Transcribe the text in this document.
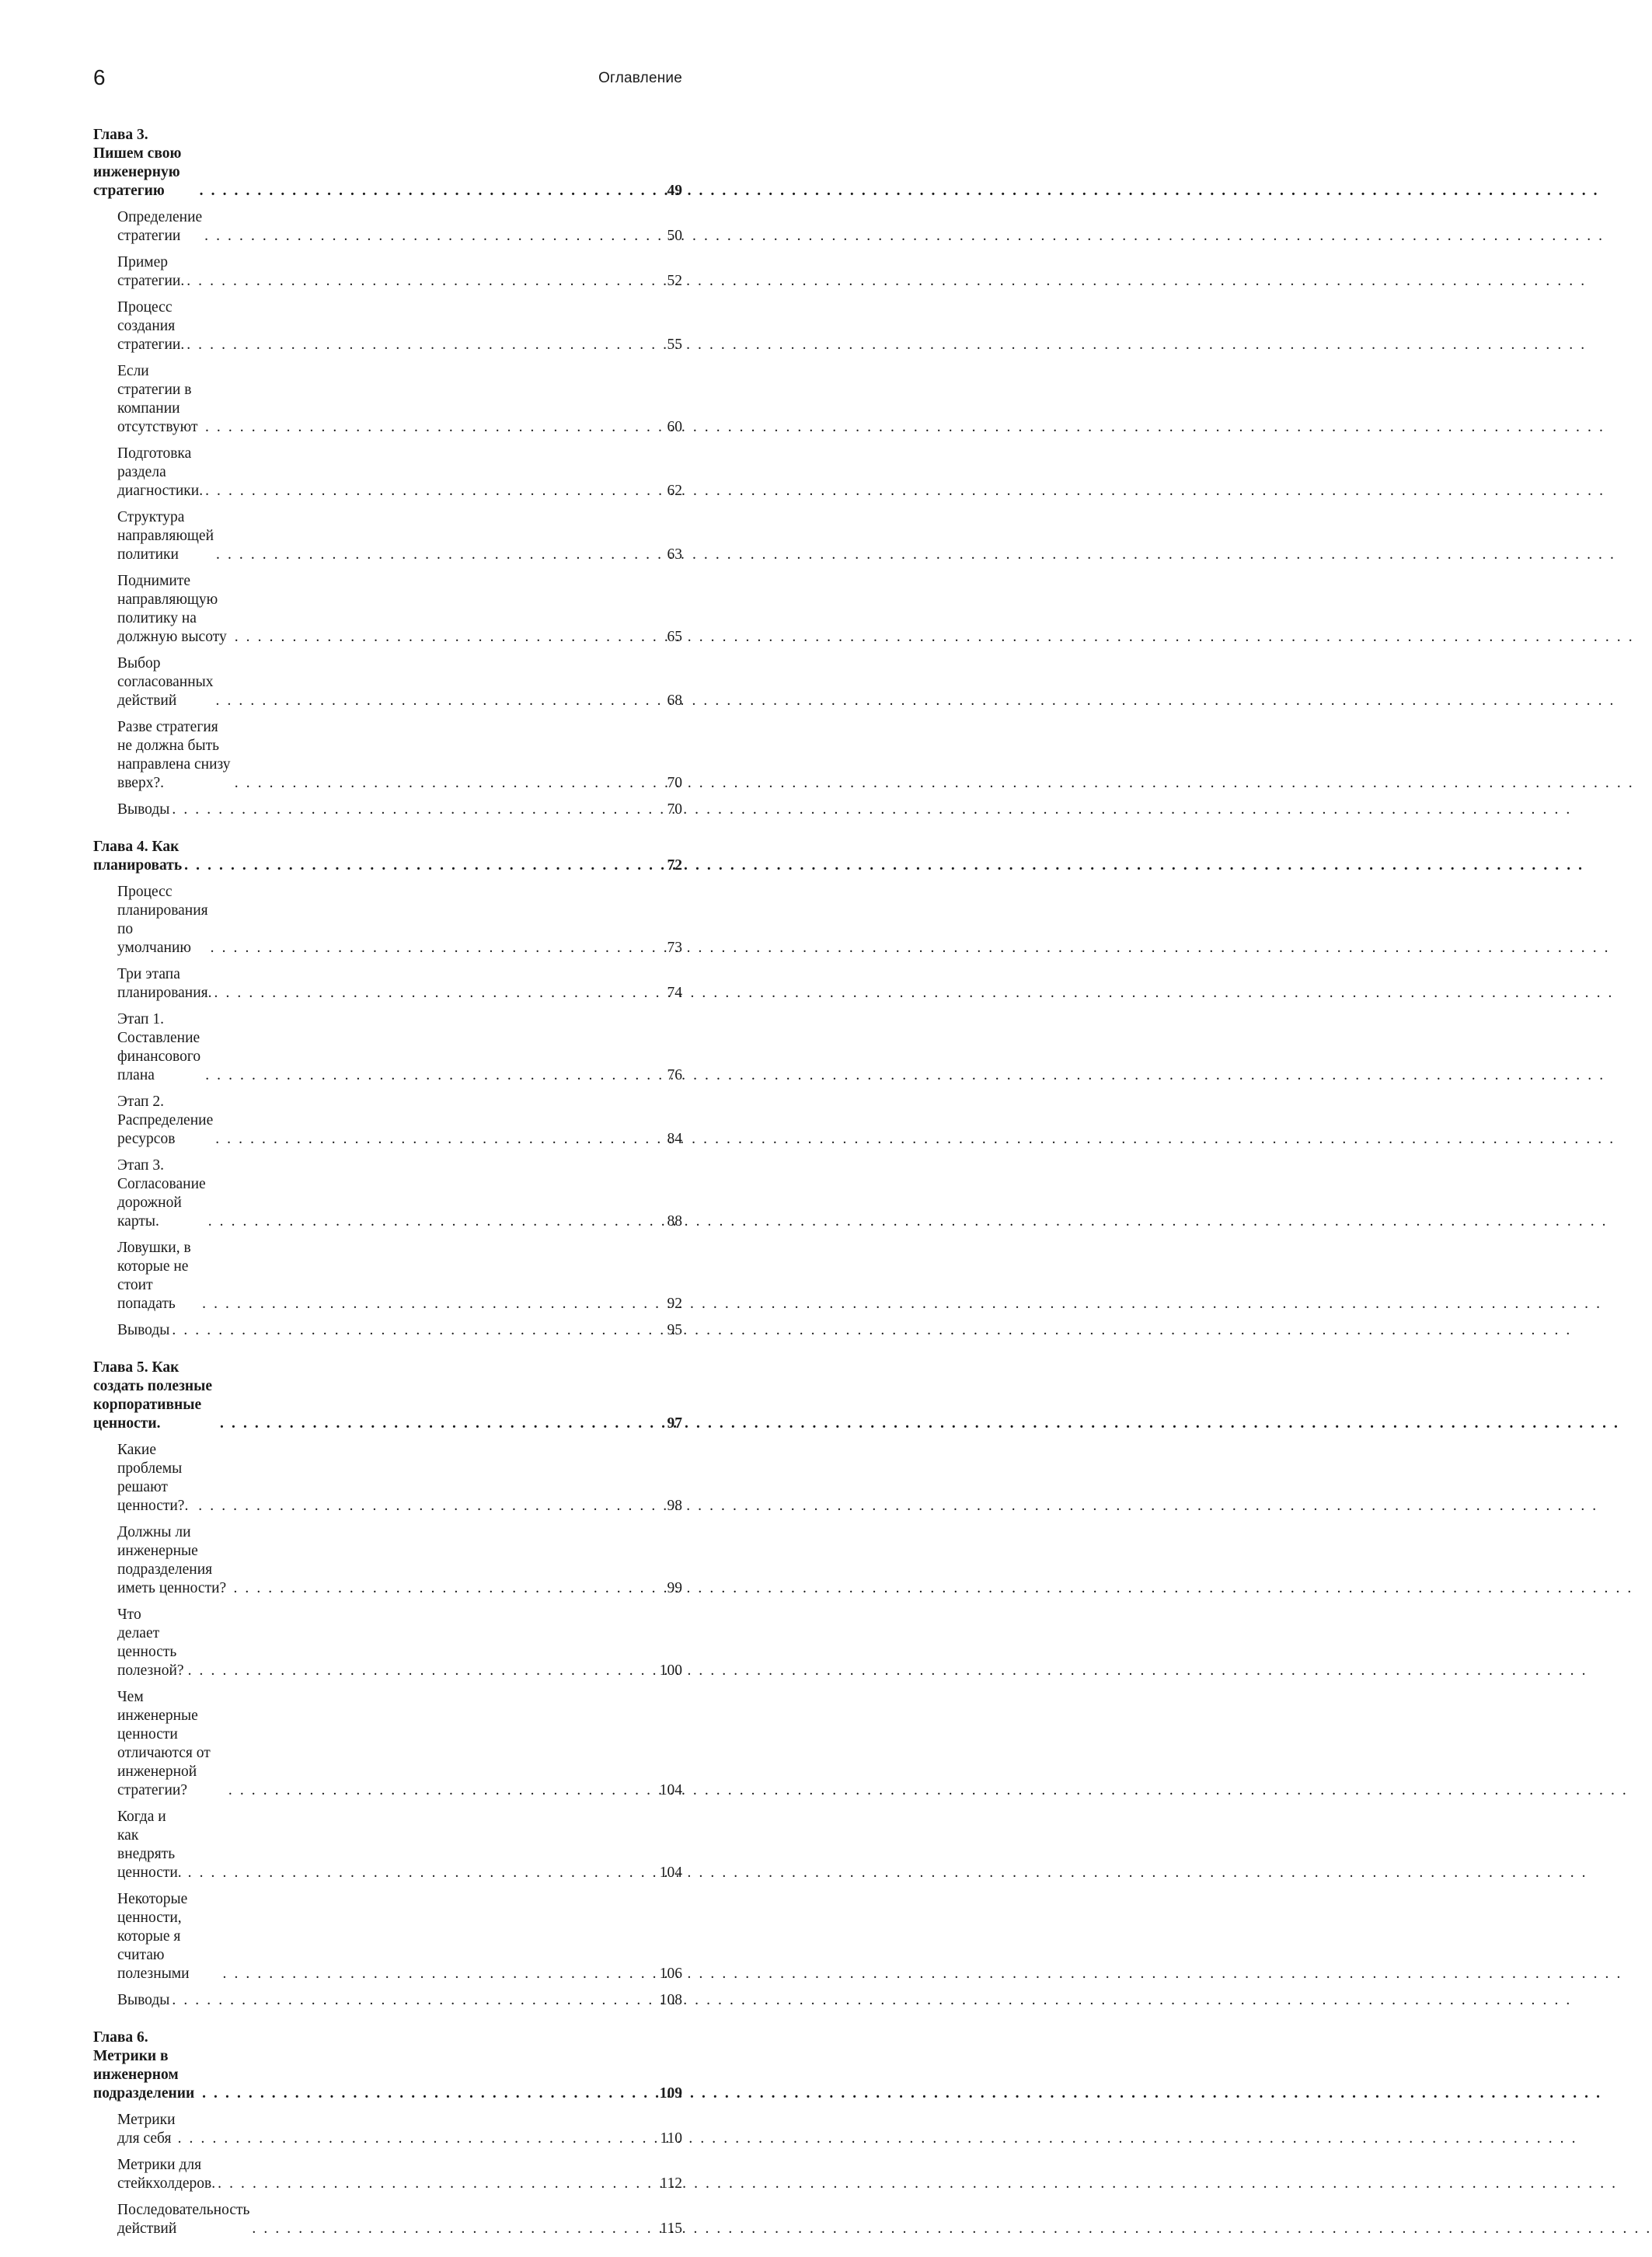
6	Оглавление
Глава 3. Пишем свою инженерную стратегию . . .	49
Определение стратегии . . .	50
Пример стратегии. . . .	52
Процесс создания стратегии. . . .	55
Если стратегии в компании отсутствуют . . .	60
Подготовка раздела диагностики. . . .	62
Структура направляющей политики . . .	63
Поднимите направляющую политику на должную высоту . . .	65
Выбор согласованных действий . . .	68
Разве стратегия не должна быть направлена снизу вверх?. . . .	70
Выводы . . .	70
Глава 4. Как планировать . . .	72
Процесс планирования по умолчанию . . .	73
Три этапа планирования. . . .	74
Этап 1. Составление финансового плана . . .	76
Этап 2. Распределение ресурсов . . .	84
Этап 3. Согласование дорожной карты. . . .	88
Ловушки, в которые не стоит попадать . . .	92
Выводы . . .	95
Глава 5. Как создать полезные корпоративные ценности. . . .	97
Какие проблемы решают ценности?. . . .	98
Должны ли инженерные подразделения иметь ценности? . . .	99
Что делает ценность полезной? . . .	100
Чем инженерные ценности отличаются от инженерной
стратегии? . . .	104
Когда и как внедрять ценности. . . .	104
Некоторые ценности, которые я считаю полезными . . .	106
Выводы . . .	108
Глава 6. Метрики в инженерном подразделении . . .	109
Метрики для себя . . .	110
Метрики для стейкхолдеров. . . .	112
Последовательность действий . . .	115
